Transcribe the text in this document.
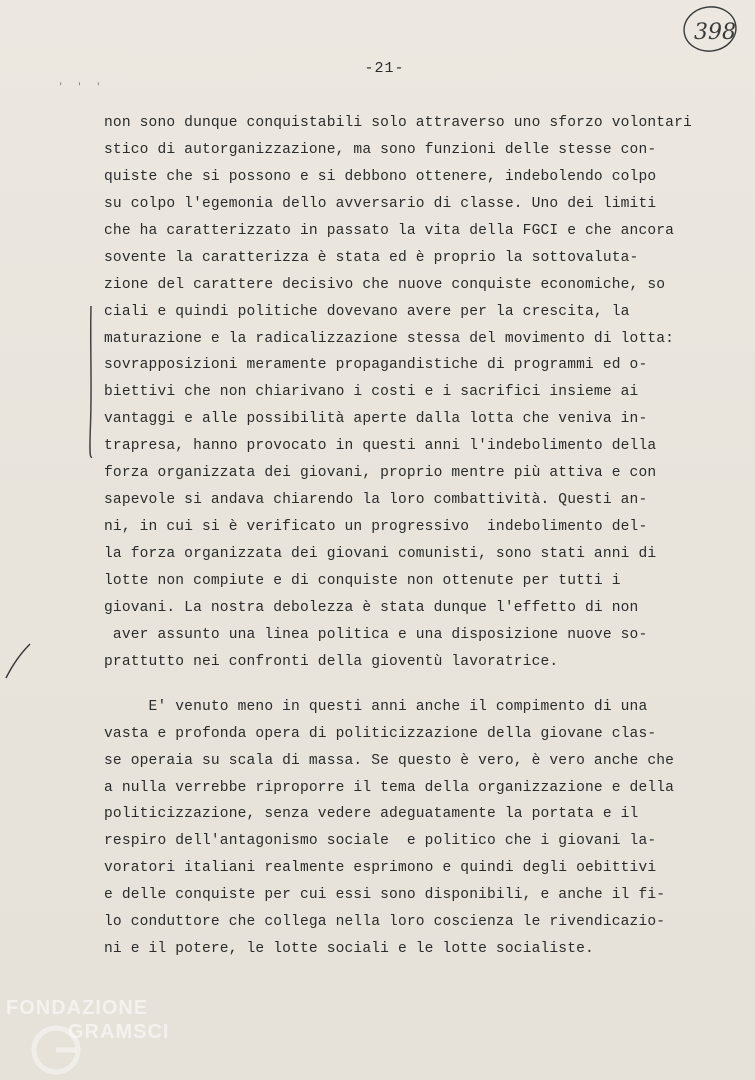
398
-21-
' ' '
non sono dunque conquistabili solo attraverso uno sforzo volontari
stico di autorganizzazione, ma sono funzioni delle stesse con-
quiste che si possono e si debbono ottenere, indebolendo colpo
su colpo l'egemonia dello avversario di classe. Uno dei limiti
che ha caratterizzato in passato la vita della FGCI e che ancora
sovente la caratterizza è stata ed è proprio la sottovaluta-
zione del carattere decisivo che nuove conquiste economiche, so
ciali e quindi politiche dovevano avere per la crescita, la
maturazione e la radicalizzazione stessa del movimento di lotta:
sovrapposizioni meramente propagandistiche di programmi ed o-
biettivi che non chiarivano i costi e i sacrifici insieme ai
vantaggi e alle possibilità aperte dalla lotta che veniva in-
trapresa, hanno provocato in questi anni l'indebolimento della
forza organizzata dei giovani, proprio mentre più attiva e con
sapevole si andava chiarendo la loro combattività. Questi an-
ni, in cui si è verificato un progressivo  indebolimento del-
la forza organizzata dei giovani comunisti, sono stati anni di
lotte non compiute e di conquiste non ottenute per tutti i
giovani. La nostra debolezza è stata dunque l'effetto di non
aver assunto una linea politica e una disposizione nuove so-
prattutto nei confronti della gioventù lavoratrice.
E' venuto meno in questi anni anche il compimento di una
vasta e profonda opera di politicizzazione della giovane clas-
se operaia su scala di massa. Se questo è vero, è vero anche che
a nulla verrebbe riproporre il tema della organizzazione e della
politicizzazione, senza vedere adeguatamente la portata e il
respiro dell'antagonismo sociale  e politico che i giovani la-
voratori italiani realmente esprimono e quindi degli oebittivi
e delle conquiste per cui essi sono disponibili, e anche il fi-
lo conduttore che collega nella loro coscienza le rivendicazio-
ni e il potere, le lotte sociali e le lotte socialiste.
FONDAZIONE
GRAMSCI
